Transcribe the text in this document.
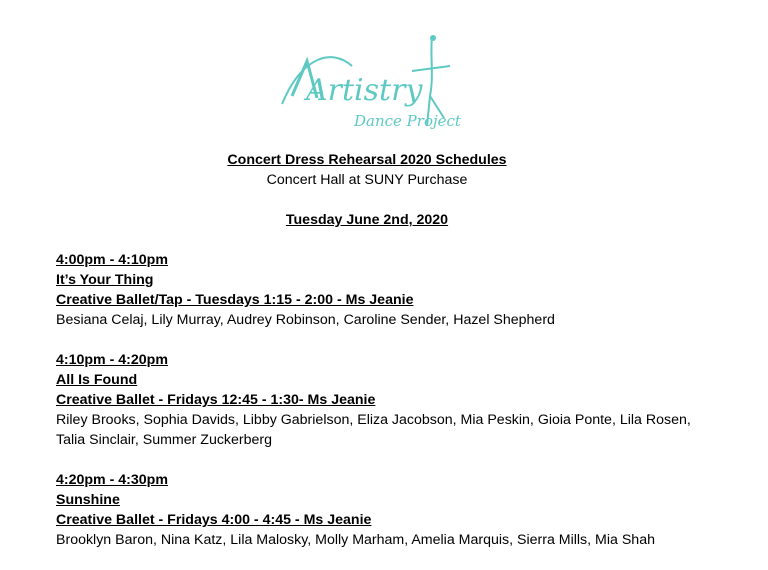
Artistry
Dance Project
Concert Dress Rehearsal 2020 Schedules
Concert Hall at SUNY Purchase
Tuesday June 2nd, 2020
4:00pm - 4:10pm
It’s Your Thing
Creative Ballet/Tap - Tuesdays 1:15 - 2:00 - Ms Jeanie
Besiana Celaj, Lily Murray, Audrey Robinson, Caroline Sender, Hazel Shepherd
4:10pm - 4:20pm
All Is Found
Creative Ballet - Fridays 12:45 - 1:30- Ms Jeanie
Riley Brooks, Sophia Davids, Libby Gabrielson, Eliza Jacobson, Mia Peskin, Gioia Ponte, Lila Rosen, Talia Sinclair, Summer Zuckerberg
4:20pm - 4:30pm
Sunshine
Creative Ballet - Fridays 4:00 - 4:45 - Ms Jeanie
Brooklyn Baron, Nina Katz, Lila Malosky, Molly Marham, Amelia Marquis, Sierra Mills, Mia Shah
